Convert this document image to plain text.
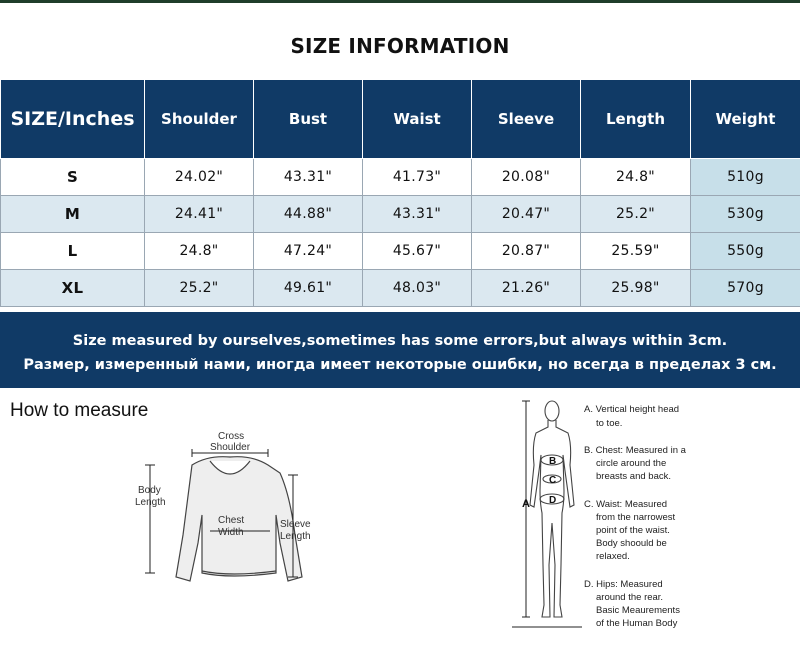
SIZE INFORMATION
SIZE/Inches	Shoulder	Bust	Waist	Sleeve	Length	Weight
S	24.02"	43.31"	41.73"	20.08"	24.8"	510g
M	24.41"	44.88"	43.31"	20.47"	25.2"	530g
L	24.8"	47.24"	45.67"	20.87"	25.59"	550g
XL	25.2"	49.61"	48.03"	21.26"	25.98"	570g
Size measured by ourselves,sometimes has some errors,but always within 3cm.
Размер, измеренный нами, иногда имеет некоторые ошибки, но всегда в пределах 3 см.
How to measure
Cross
Shoulder
Body
Length
Chest
Width
Sleeve
Length
A
B
C
D
A. Vertical height head
to toe.
B. Chest: Measured in a
circle around the
breasts and back.
C. Waist: Measured
from the narrowest
point of the waist.
Body shoould be
relaxed.
D. Hips: Measured
around the rear.
Basic Meaurements
of the Human Body
